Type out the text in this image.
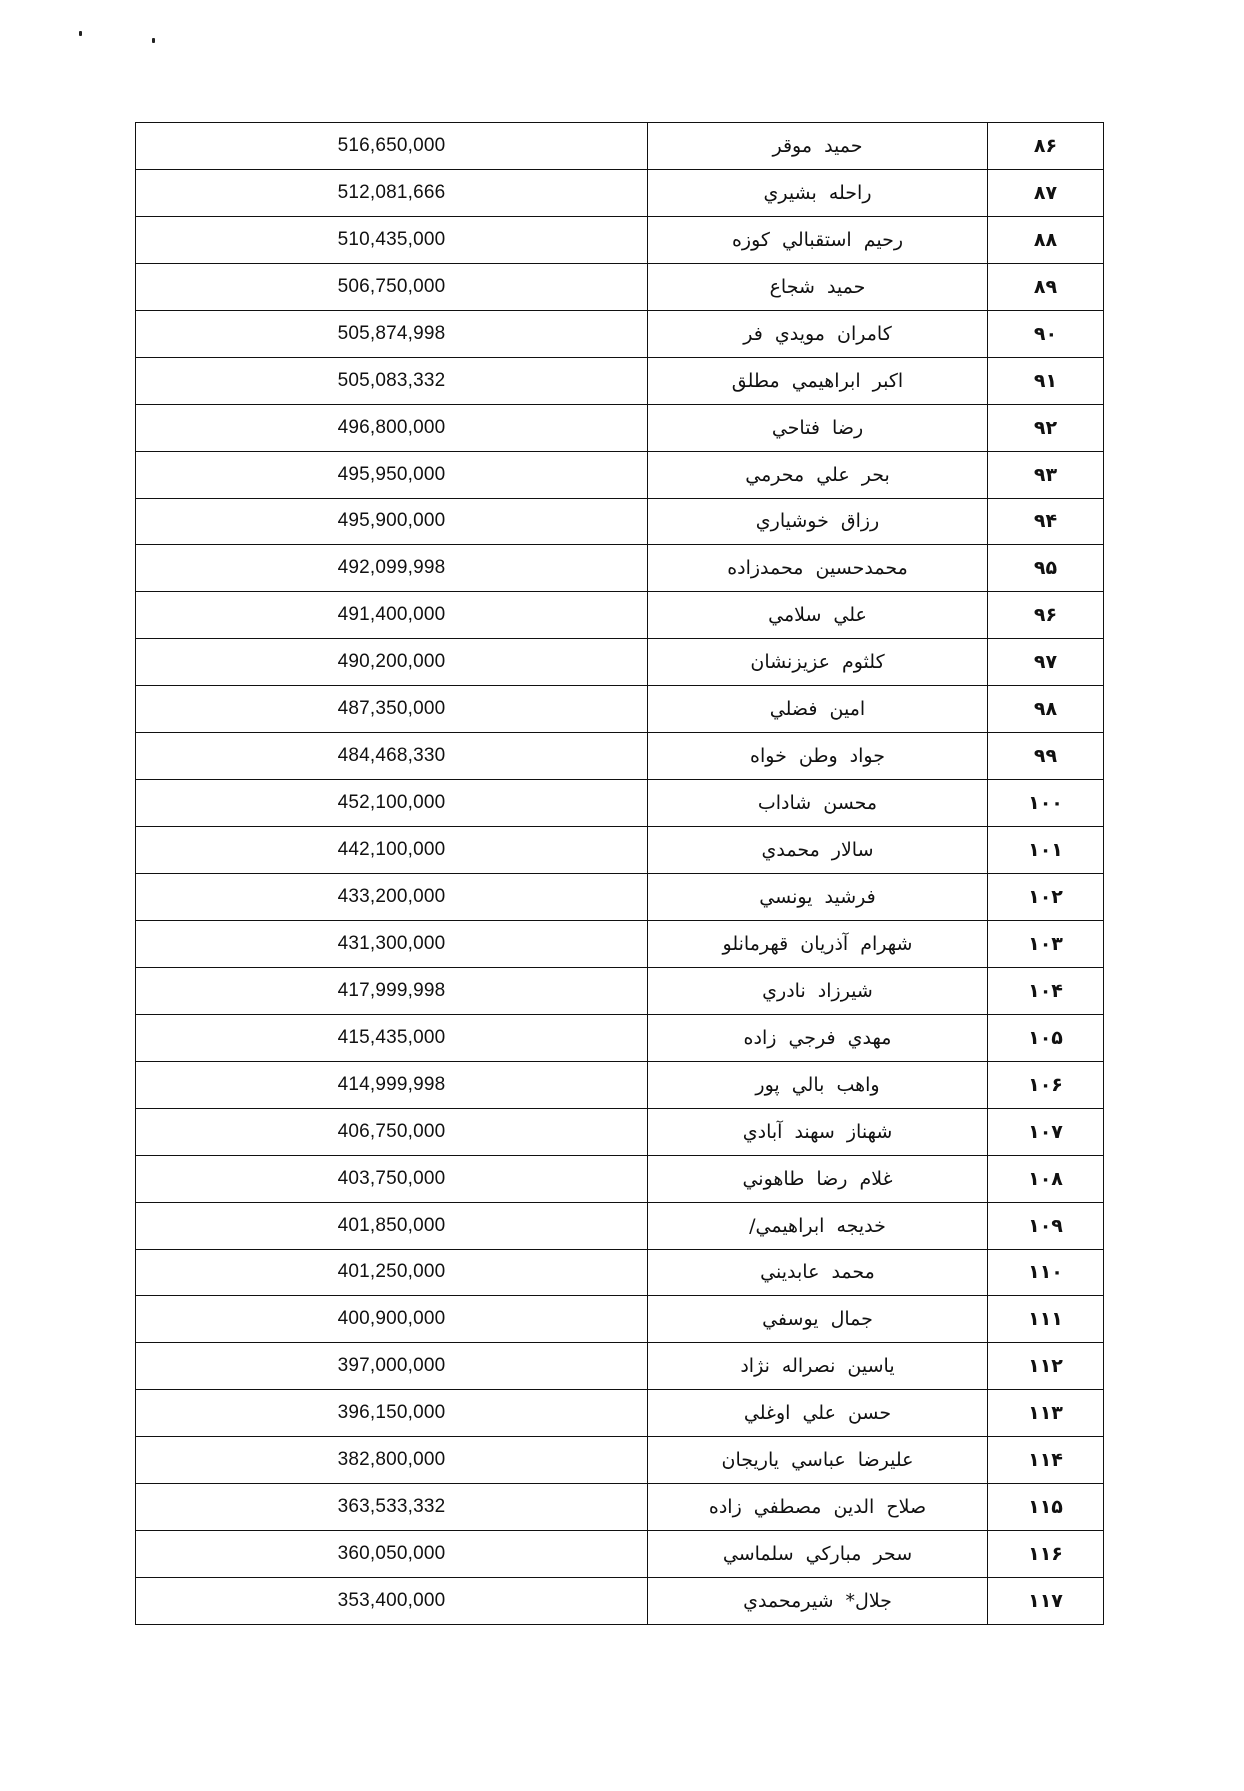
516,650,000	حميد موقر	۸۶
512,081,666	راحله بشيري	۸۷
510,435,000	رحيم استقبالي كوزه	۸۸
506,750,000	حميد شجاع	۸۹
505,874,998	كامران مويدي فر	۹۰
505,083,332	اكبر ابراهيمي مطلق	۹۱
496,800,000	رضا فتاحي	۹۲
495,950,000	بحر علي محرمي	۹۳
495,900,000	رزاق خوشياري	۹۴
492,099,998	محمدحسين محمدزاده	۹۵
491,400,000	علي سلامي	۹۶
490,200,000	كلثوم عزيزنشان	۹۷
487,350,000	امين فضلي	۹۸
484,468,330	جواد وطن خواه	۹۹
452,100,000	محسن شاداب	۱۰۰
442,100,000	سالار محمدي	۱۰۱
433,200,000	فرشيد يونسي	۱۰۲
431,300,000	شهرام آذريان قهرمانلو	۱۰۳
417,999,998	شيرزاد نادري	۱۰۴
415,435,000	مهدي فرجي زاده	۱۰۵
414,999,998	واهب بالي پور	۱۰۶
406,750,000	شهناز سهند آبادي	۱۰۷
403,750,000	غلام رضا طاهوني	۱۰۸
401,850,000	خديجه ابراهيمي/	۱۰۹
401,250,000	محمد عابديني	۱۱۰
400,900,000	جمال يوسفي	۱۱۱
397,000,000	ياسين نصراله نژاد	۱۱۲
396,150,000	حسن علي اوغلي	۱۱۳
382,800,000	عليرضا عباسي ياريجان	۱۱۴
363,533,332	صلاح الدين مصطفي زاده	۱۱۵
360,050,000	سحر مباركي سلماسي	۱۱۶
353,400,000	جلال* شيرمحمدي	۱۱۷
